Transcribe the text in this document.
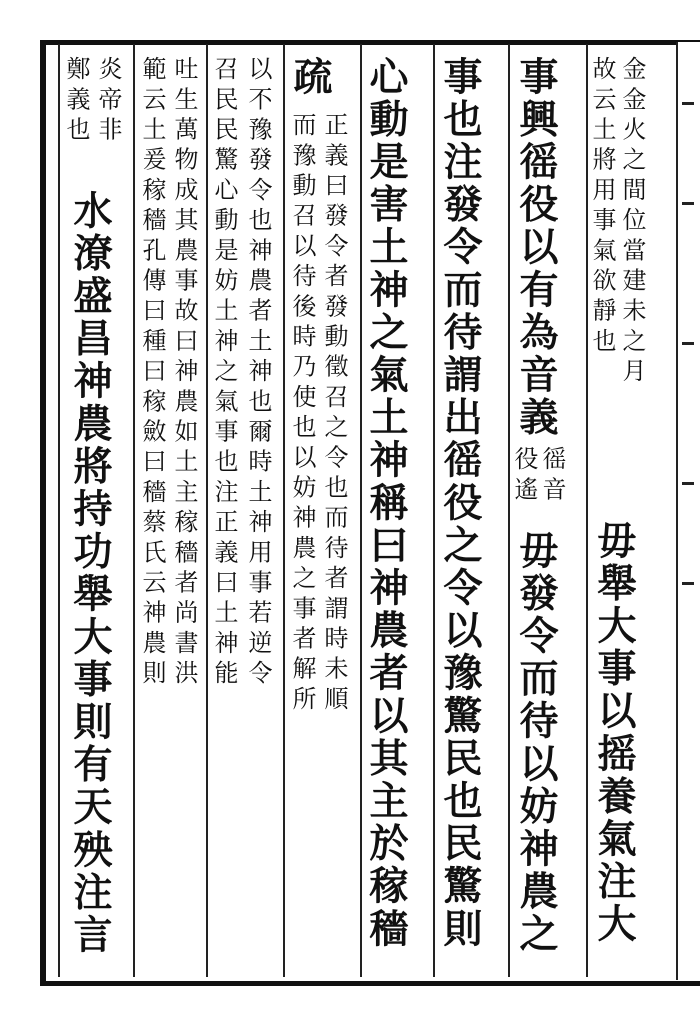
金金火之間位當建未之月
故云土將用事氣欲靜也
毋舉大事以摇養氣注大
事興徭役以有為音義
徭音
役遙
毋發令而待以妨神農之
事也注發令而待謂出徭役之令以豫驚民也民驚則
心動是害土神之氣土神稱曰神農者以其主於稼穡
疏
正義曰發令者發動徵召之令也而待者謂時未順
而豫動召以待後時乃使也以妨神農之事者解所
以不豫發令也神農者土神也爾時土神用事若逆令
召民民驚心動是妨土神之氣事也注正義曰土神能
吐生萬物成其農事故曰神農如土主稼穡者尚書洪
範云土爰稼穡孔傳曰種曰稼斂曰穡蔡氏云神農則
炎帝非
鄭義也
水潦盛昌神農將持功舉大事則有天殃注言
